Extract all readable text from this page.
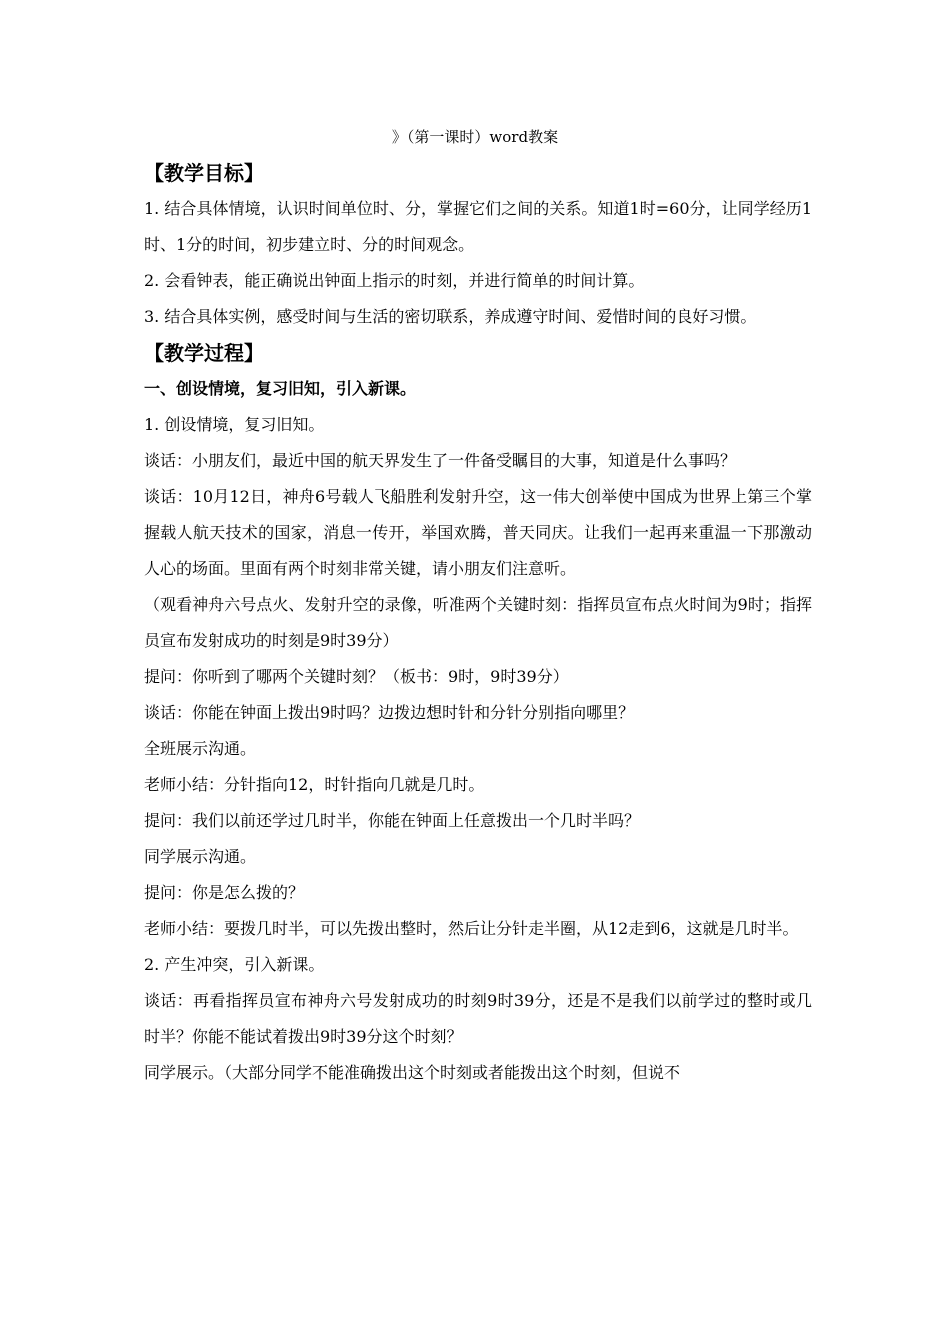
》（第一课时）word教案
【教学目标】

1. 结合具体情境，认识时间单位时、分，掌握它们之间的关系。知道1时=60分，让同学经历1时、1分的时间，初步建立时、分的时间观念。

2. 会看钟表，能正确说出钟面上指示的时刻，并进行简单的时间计算。

3. 结合具体实例，感受时间与生活的密切联系，养成遵守时间、爱惜时间的良好习惯。

【教学过程】
一、创设情境，复习旧知，引入新课。
1. 创设情境，复习旧知。

谈话：小朋友们，最近中国的航天界发生了一件备受瞩目的大事，知道是什么事吗？

谈话：10月12日，神舟6号载人飞船胜利发射升空，这一伟大创举使中国成为世界上第三个掌握载人航天技术的国家，消息一传开，举国欢腾，普天同庆。让我们一起再来重温一下那激动人心的场面。里面有两个时刻非常关键，请小朋友们注意听。

（观看神舟六号点火、发射升空的录像，听准两个关键时刻：指挥员宣布点火时间为9时；指挥员宣布发射成功的时刻是9时39分）

提问：你听到了哪两个关键时刻？（板书：9时，9时39分）
谈话：你能在钟面上拨出9时吗？边拨边想时针和分针分别指向哪里？
全班展示沟通。
老师小结：分针指向12，时针指向几就是几时。
提问：我们以前还学过几时半，你能在钟面上任意拨出一个几时半吗？
同学展示沟通。
提问：你是怎么拨的？

老师小结：要拨几时半，可以先拨出整时，然后让分针走半圈，从12走到6，这就是几时半。

2. 产生冲突，引入新课。

谈话：再看指挥员宣布神舟六号发射成功的时刻9时39分，还是不是我们以前学过的整时或几时半？你能不能试着拨出9时39分这个时刻？

同学展示。（大部分同学不能准确拨出这个时刻或者能拨出这个时刻，但说不
